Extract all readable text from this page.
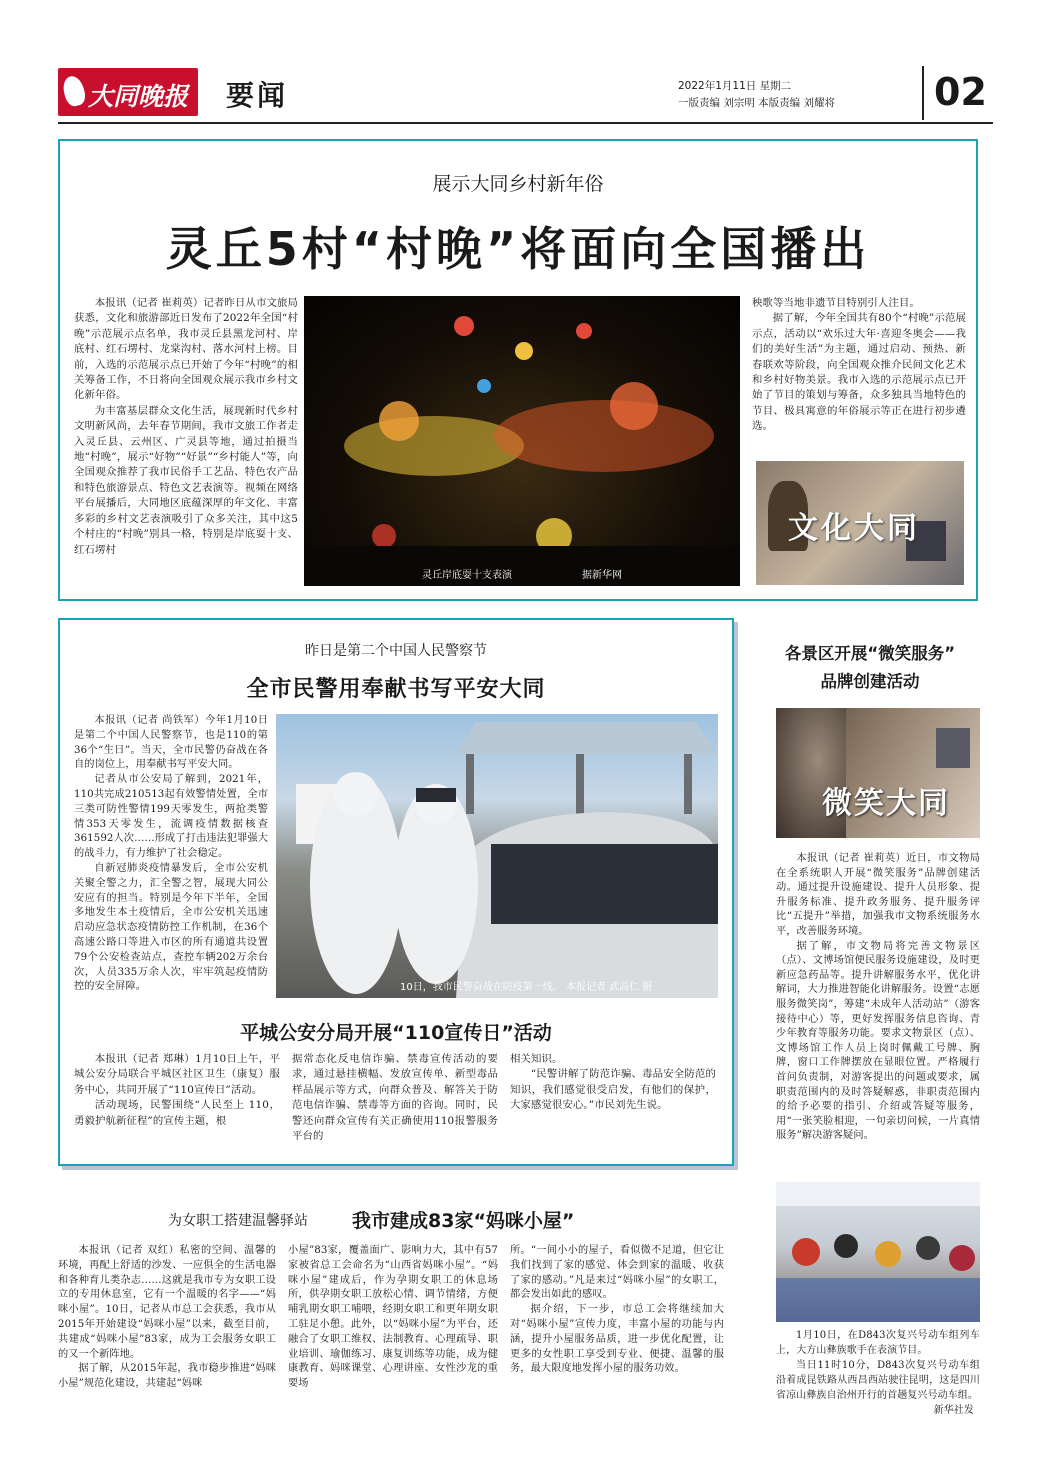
大同晚报 要闻	2022年1月11日 星期二
一版责编 刘宗明 本版责编 刘耀将	02
展示大同乡村新年俗
灵丘5村“村晚”将面向全国播出

本报讯（记者 崔莉英）记者昨日从市文旅局获悉，文化和旅游部近日发布了2022年全国“村晚”示范展示点名单，我市灵丘县黑龙河村、岸底村、红石塄村、龙棠沟村、落水河村上榜。目前，入选的示范展示点已开始了今年“村晚”的相关筹备工作，不日将向全国观众展示我市乡村文化新年俗。

为丰富基层群众文化生活，展现新时代乡村文明新风尚，去年春节期间，我市文旅工作者走入灵丘县、云州区、广灵县等地，通过拍摄当地“村晚”，展示“好物”“好景”“乡村能人”等，向全国观众推荐了我市民俗手工艺品、特色农产品和特色旅游景点、特色文艺表演等。视频在网络平台展播后，大同地区底蕴深厚的年文化、丰富多彩的乡村文艺表演吸引了众多关注，其中这5个村庄的“村晚”别具一格，特别是岸底耍十支、红石塄村

灵丘岸底耍十支表演	据新华网

秧歌等当地非遗节目特别引人注目。

据了解，今年全国共有80个“村晚”示范展示点，活动以“欢乐过大年·喜迎冬奥会——我们的美好生活”为主题，通过启动、预热、新春联欢等阶段，向全国观众推介民间文化艺术和乡村好物美景。我市入选的示范展示点已开始了节目的策划与筹备，众多独具当地特色的节目、极具寓意的年俗展示等正在进行初步遴选。

文化大同
昨日是第二个中国人民警察节
全市民警用奉献书写平安大同

本报讯（记者 尚铁军）今年1月10日是第二个中国人民警察节，也是110的第36个“生日”。当天，全市民警仍奋战在各自的岗位上，用奉献书写平安大同。

记者从市公安局了解到，2021年，110共完成210513起有效警情处置，全市三类可防性警情199天零发生，两抢类警情353天零发生，流调疫情数据核查361592人次……形成了打击违法犯罪强大的战斗力，有力维护了社会稳定。

自新冠肺炎疫情暴发后，全市公安机关聚全警之力，汇全警之智，展现大同公安应有的担当。特别是今年下半年，全国多地发生本土疫情后，全市公安机关迅速启动应急状态疫情防控工作机制，在36个高速公路口等进入市区的所有通道共设置79个公安检查站点，查控车辆202万余台次，人员335万余人次，牢牢筑起疫情防控的安全屏障。	10日，我市民警奋战在防疫第一线。 本报记者 武高仁 摄
平城公安分局开展“110宣传日”活动

本报讯（记者 郑琳）1月10日上午，平城公安分局联合平城区社区卫生（康复）服务中心，共同开展了“110宣传日”活动。

活动现场，民警围绕“人民至上 110，勇毅护航新征程”的宣传主题，根

据常态化反电信诈骗、禁毒宣传活动的要求，通过悬挂横幅、发放宣传单、新型毒品样品展示等方式，向群众普及、解答关于防范电信诈骗、禁毒等方面的咨询。同时，民警还向群众宣传有关正确使用110报警服务平台的

相关知识。

“民警讲解了防范诈骗、毒品安全防范的知识，我们感觉很受启发，有他们的保护，大家感觉很安心。”市民刘先生说。

各景区开展“微笑服务”
品牌创建活动
微笑大同

本报讯（记者 崔莉英）近日，市文物局在全系统职人开展“微笑服务”品牌创建活动。通过提升设施建设、提升人员形象、提升服务标准、提升政务服务、提升服务评比“五提升”举措，加强我市文物系统服务水平，改善服务环境。

据了解，市文物局将完善文物景区（点）、文博场馆便民服务设施建设，及时更新应急药品等。提升讲解服务水平，优化讲解词，大力推进智能化讲解服务。设置“志愿服务微笑岗”，筹建“未成年人活动站”（游客接待中心）等，更好发挥服务信息咨询、青少年教育等服务功能。要求文物景区（点）、文博场馆工作人员上岗时佩戴工号牌、胸牌，窗口工作牌摆放在显眼位置。严格履行首问负责制，对游客提出的问题或要求，属职责范围内的及时答疑解惑，非职责范围内的给予必要的指引、介绍或答疑等服务，用“一张笑脸相迎，一句亲切问候，一片真情服务”解决游客疑问。

为女职工搭建温馨驿站 我市建成83家“妈咪小屋”

本报讯（记者 双红）私密的空间、温馨的环境，再配上舒适的沙发、一应俱全的生活电器和各种育儿类杂志……这就是我市专为女职工设立的专用休息室，它有一个温暖的名字——“妈咪小屋”。10日，记者从市总工会获悉，我市从2015年开始建设“妈咪小屋”以来，截至目前，共建成“妈咪小屋”83家，成为工会服务女职工的又一个新阵地。

据了解，从2015年起，我市稳步推进“妈咪小屋”规范化建设，共建起“妈咪

小屋”83家，覆盖面广、影响力大，其中有57家被省总工会命名为“山西省妈咪小屋”。“妈咪小屋”建成后，作为孕期女职工的休息场所，供孕期女职工放松心情、调节情绪，方便哺乳期女职工哺喂，经期女职工和更年期女职工驻足小憩。此外，以“妈咪小屋”为平台，还融合了女职工维权、法制教育、心理疏导、职业培训、瑜伽练习、康复训练等功能，成为健康教育、妈咪课堂、心理讲座、女性沙龙的重要场

所。“一间小小的屋子，看似微不足道，但它让我们找到了家的感觉、体会到家的温暖、收获了家的感动。”凡是来过“妈咪小屋”的女职工，都会发出如此的感叹。

据介绍，下一步，市总工会将继续加大对“妈咪小屋”宣传力度，丰富小屋的功能与内涵，提升小屋服务品质，进一步优化配置，让更多的女性职工享受到专业、便捷、温馨的服务，最大限度地发挥小屋的服务功效。

1月10日，在D843次复兴号动车组列车上，大方山彝族歌手在表演节目。

当日11时10分，D843次复兴号动车组沿着成昆铁路从西昌西站驶往昆明，这是四川省凉山彝族自治州开行的首趟复兴号动车组。

新华社发
